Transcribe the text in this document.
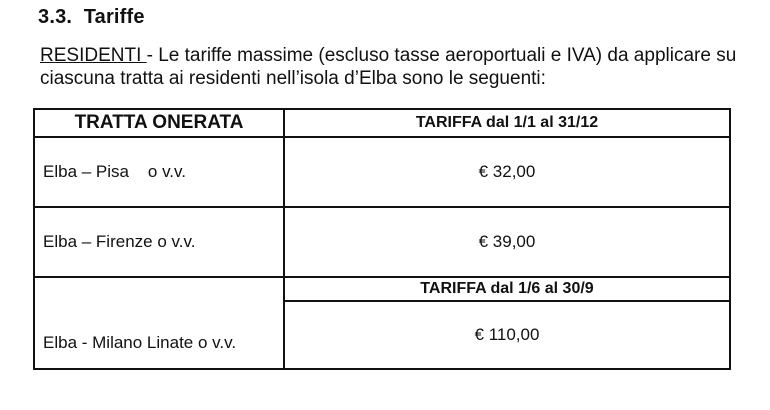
3.3. Tariffe
RESIDENTI - Le tariffe massime (escluso tasse aeroportuali e IVA) da applicare su ciascuna tratta ai residenti nell’isola d’Elba sono le seguenti:
TRATTA ONERATA	TARIFFA dal 1/1 al 31/12
Elba – Pisa    o v.v.	€ 32,00
Elba – Firenze o v.v.	€ 39,00
Elba - Milano Linate o v.v.	TARIFFA dal 1/6 al 30/9
	€ 110,00
